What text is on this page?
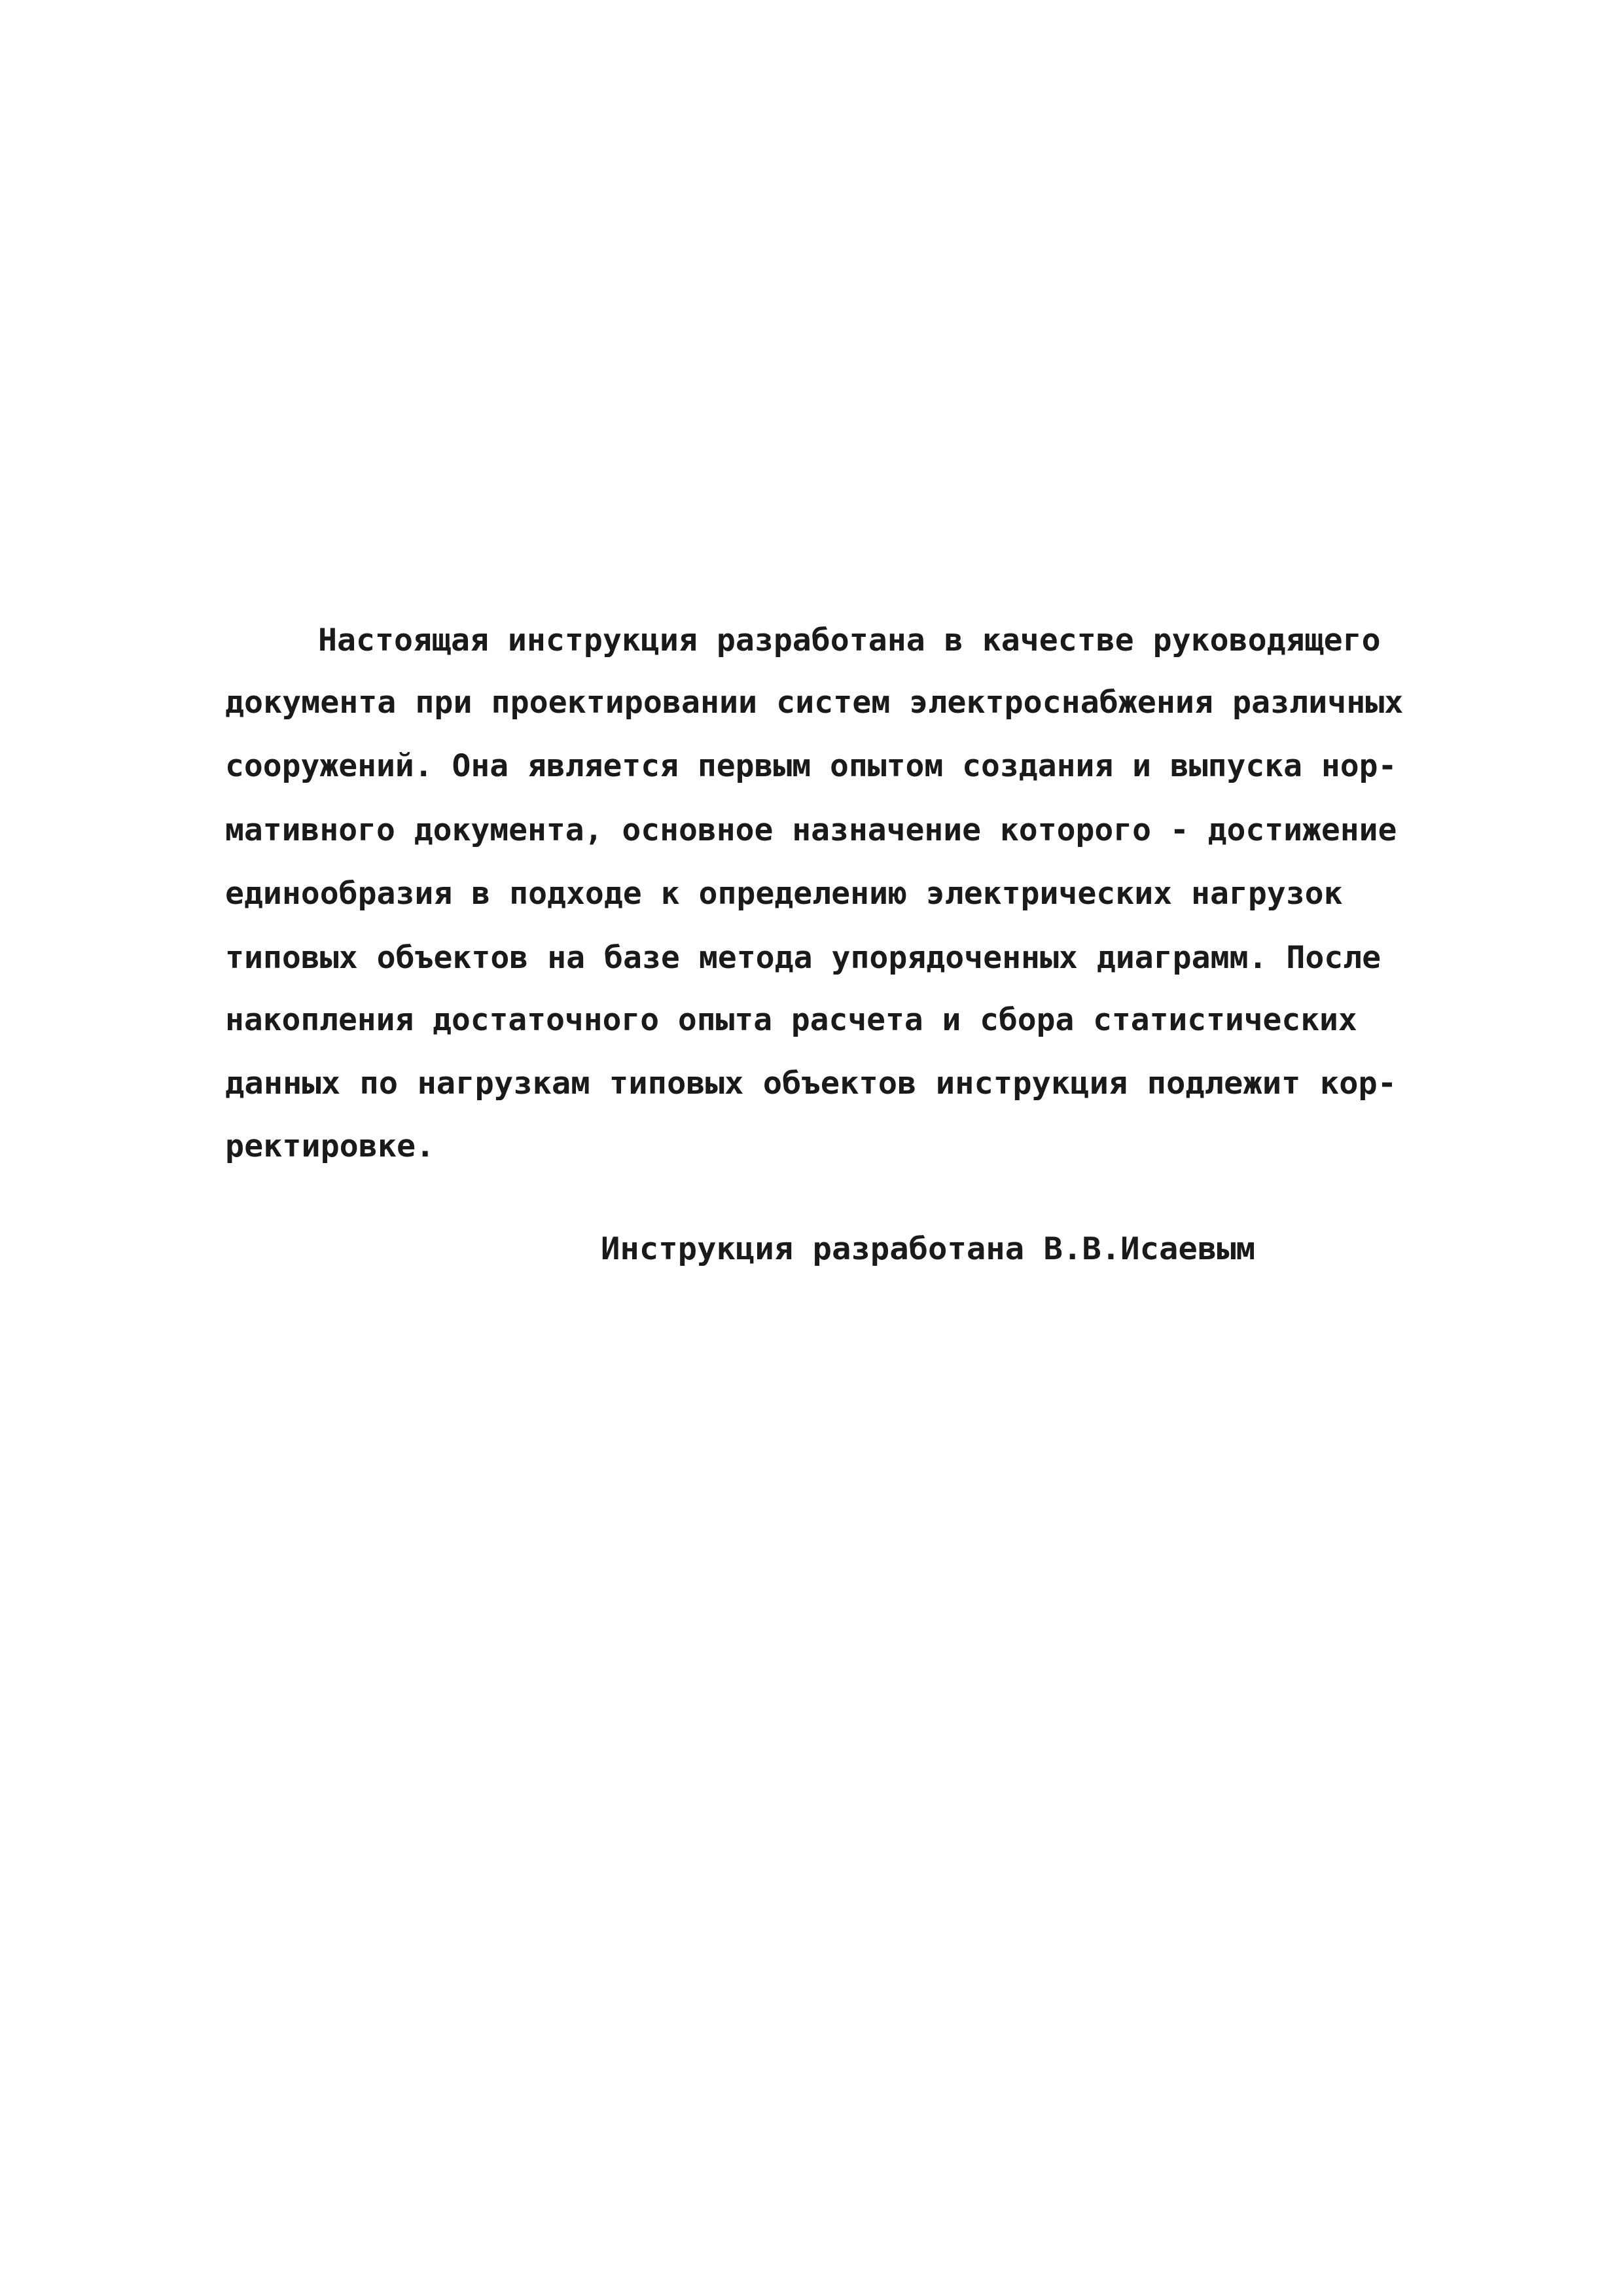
Настоящая инструкция разработана в качестве руководящего

документа при проектировании систем электроснабжения различных

сооружений. Она является первым опытом создания и выпуска нор-

мативного документа, основное назначение которого - достижение

единообразия в подходе к определению электрических нагрузок

типовых объектов на базе метода упорядоченных диаграмм. После

накопления достаточного опыта расчета и сбора статистических

данных по нагрузкам типовых объектов инструкция подлежит кор-

ректировке.

Инструкция разработана В.В.Исаевым
